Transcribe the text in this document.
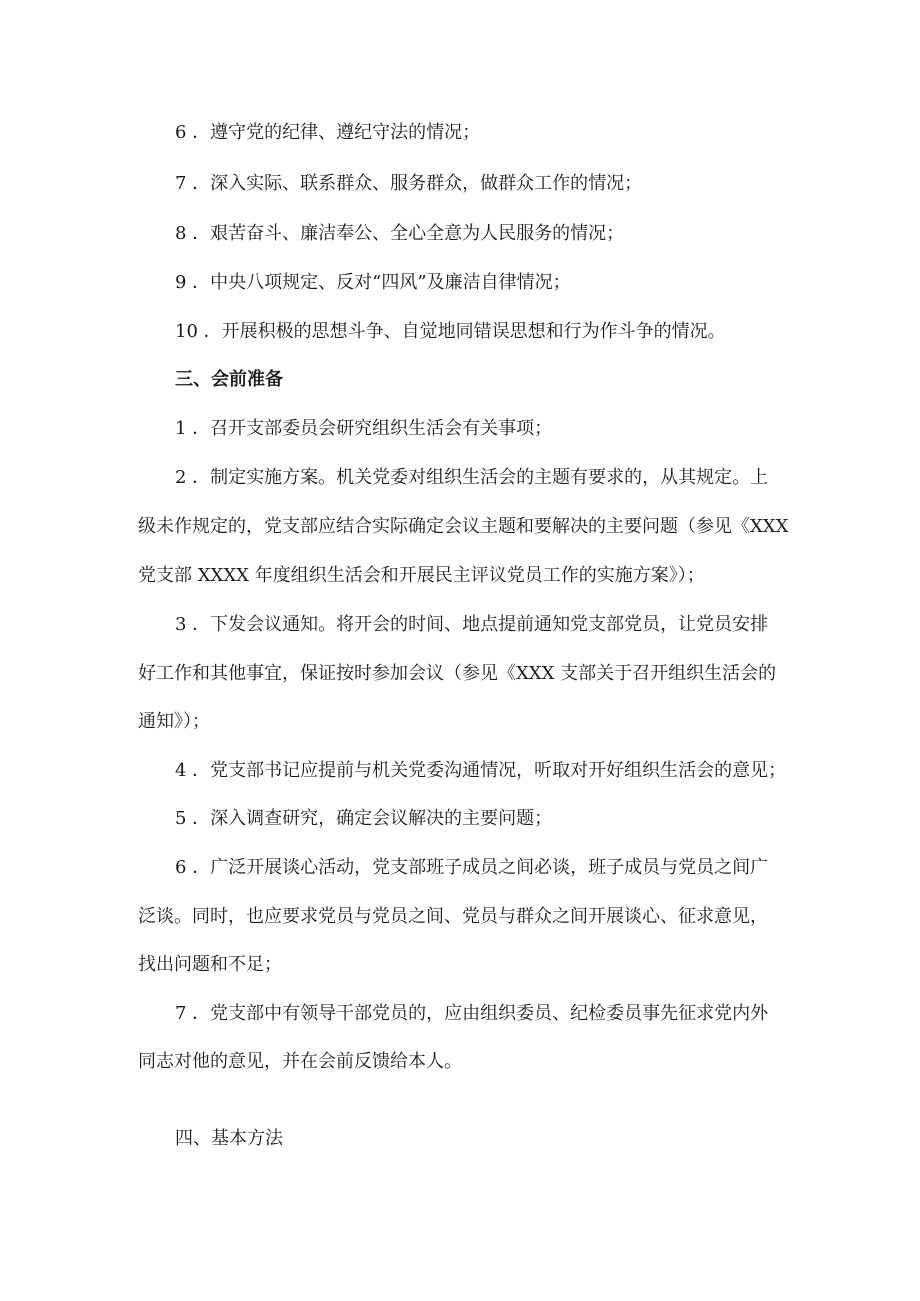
6 ．遵守党的纪律、遵纪守法的情况；
7 ．深入实际、联系群众、服务群众，做群众工作的情况；
8 ．艰苦奋斗、廉洁奉公、全心全意为人民服务的情况；
9 ．中央八项规定、反对“四风”及廉洁自律情况；
10 ．开展积极的思想斗争、自觉地同错误思想和行为作斗争的情况。
三、会前准备
1 ．召开支部委员会研究组织生活会有关事项；
2 ．制定实施方案。机关党委对组织生活会的主题有要求的，从其规定。上
级未作规定的，党支部应结合实际确定会议主题和要解决的主要问题（参见《XXX
党支部 XXXX 年度组织生活会和开展民主评议党员工作的实施方案》）；
3 ．下发会议通知。将开会的时间、地点提前通知党支部党员，让党员安排
好工作和其他事宜，保证按时参加会议（参见《XXX 支部关于召开组织生活会的
通知》）；
4 ．党支部书记应提前与机关党委沟通情况，听取对开好组织生活会的意见；
5 ．深入调查研究，确定会议解决的主要问题；
6 ．广泛开展谈心活动，党支部班子成员之间必谈，班子成员与党员之间广
泛谈。同时，也应要求党员与党员之间、党员与群众之间开展谈心、征求意见，
找出问题和不足；
7 ．党支部中有领导干部党员的，应由组织委员、纪检委员事先征求党内外
同志对他的意见，并在会前反馈给本人。
四、基本方法
